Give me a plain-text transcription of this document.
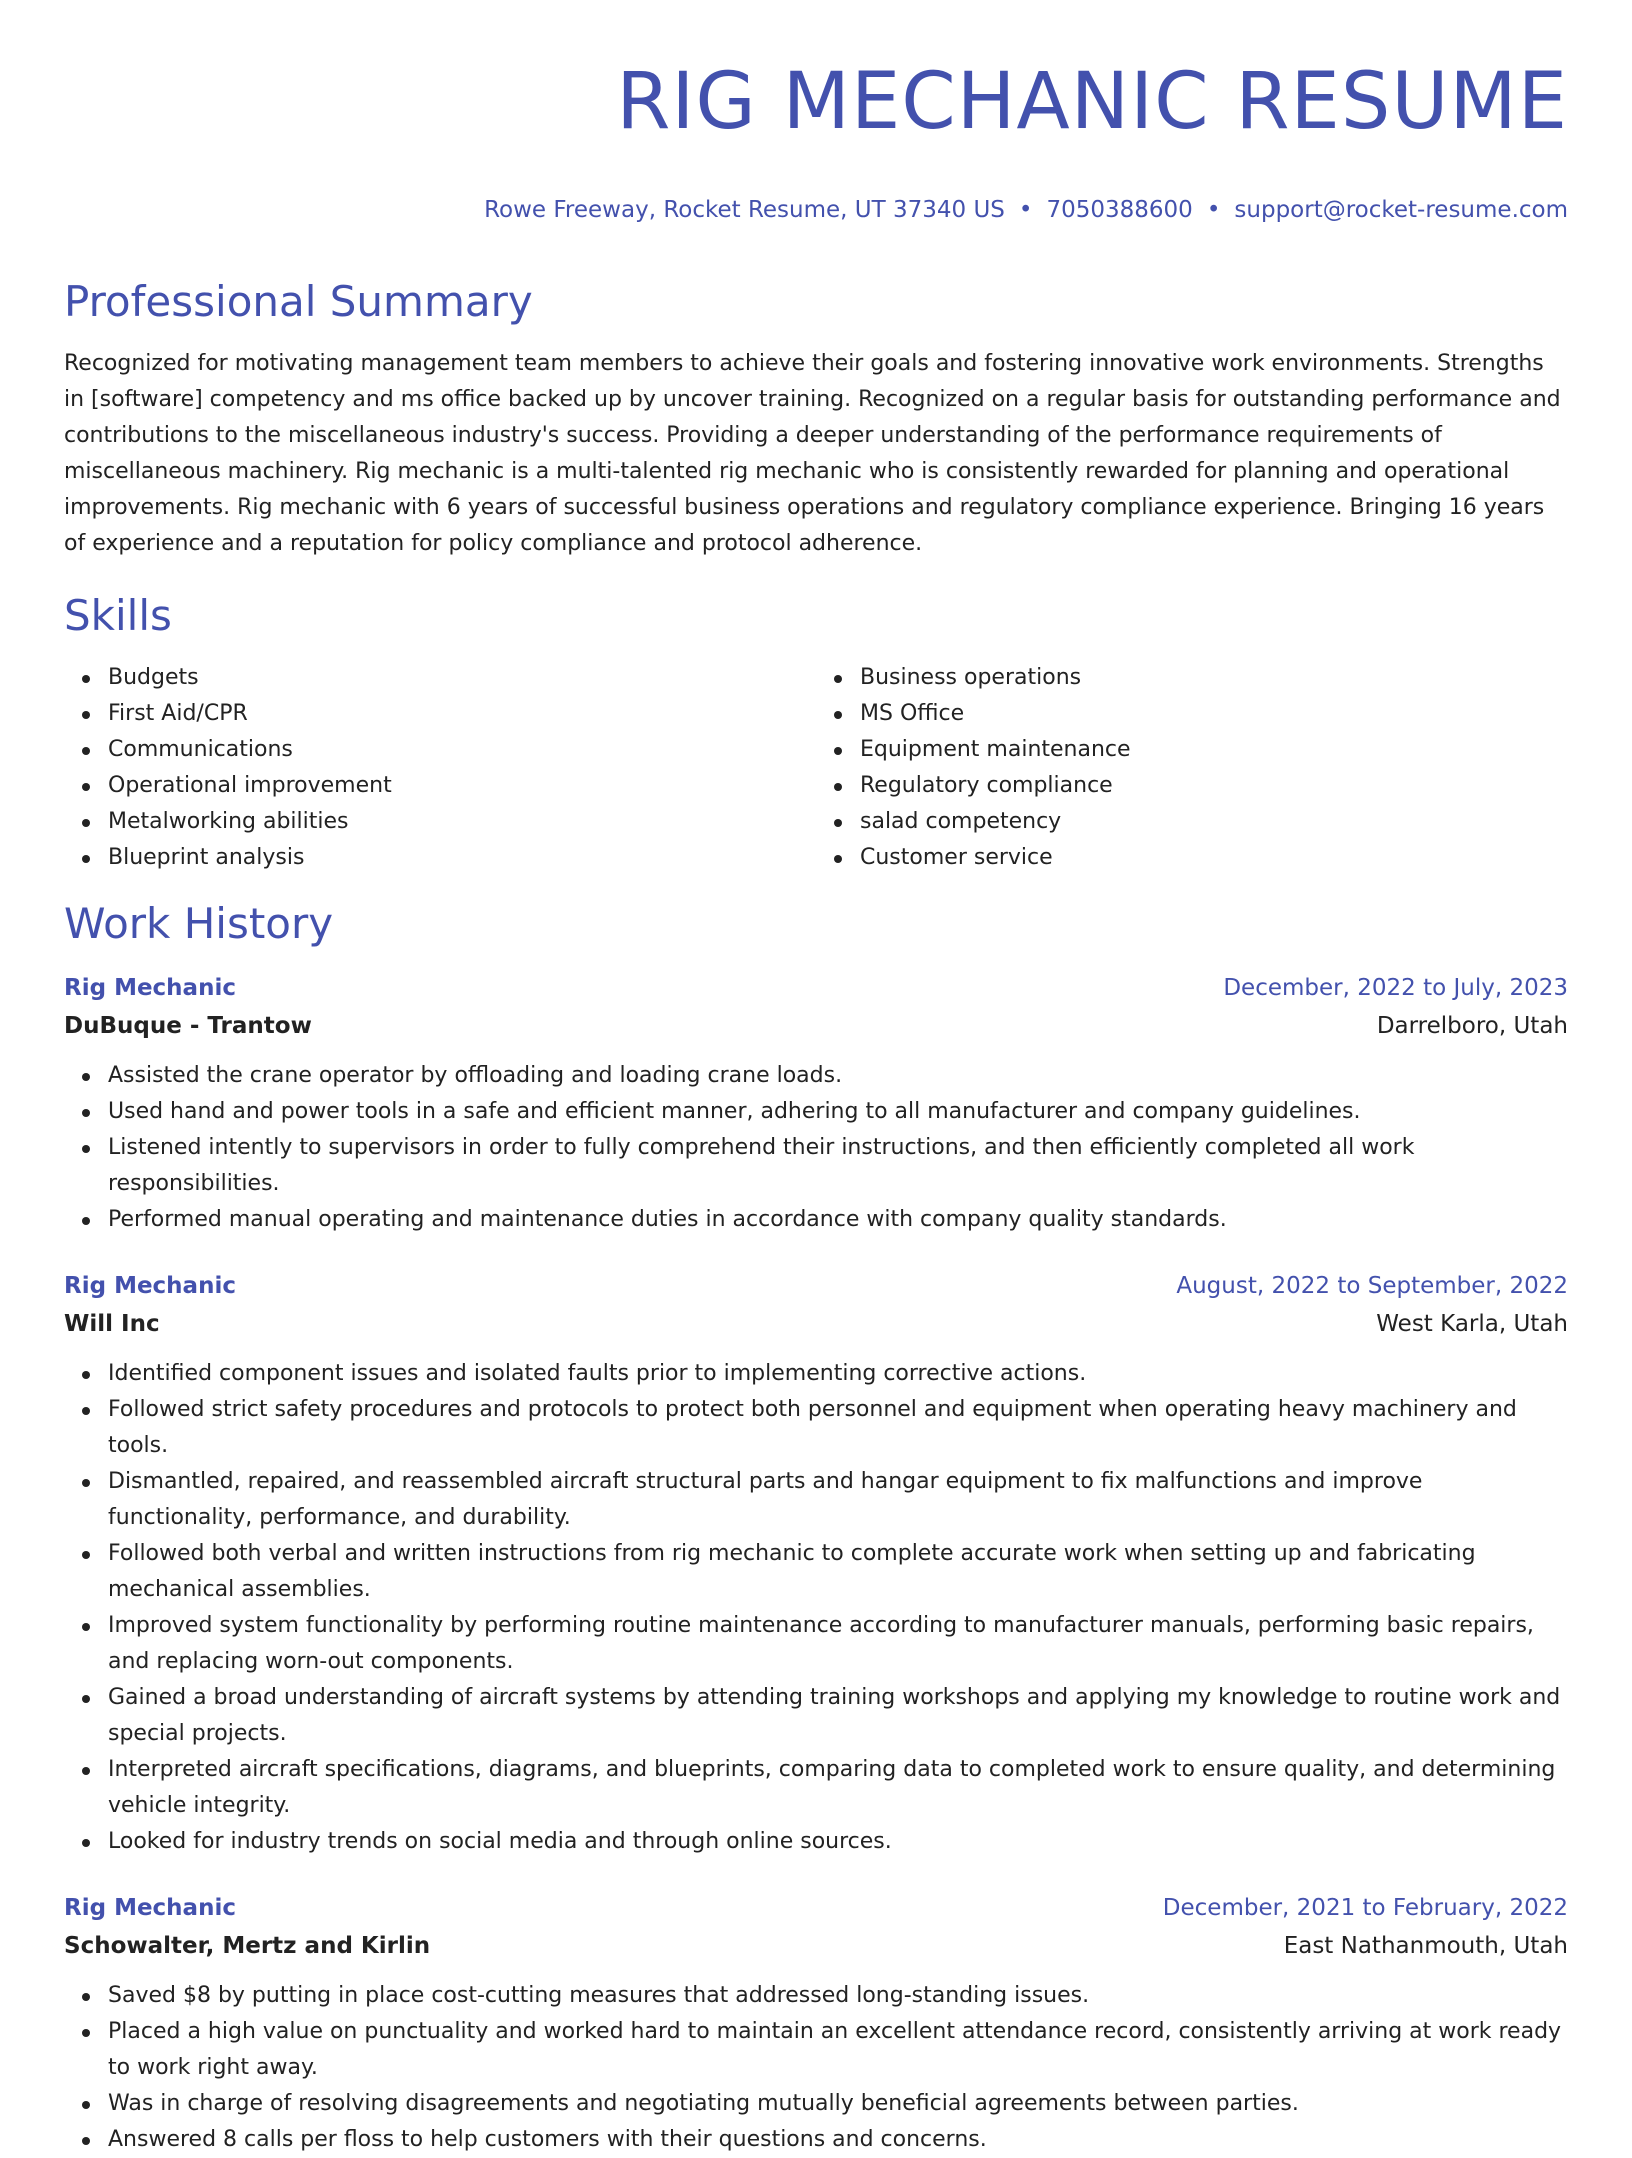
RIG MECHANIC RESUME
Rowe Freeway, Rocket Resume, UT 37340 US • 7050388600 • support@rocket-resume.com
Professional Summary
Recognized for motivating management team members to achieve their goals and fostering innovative work environments. Strengths in [software] competency and ms office backed up by uncover training. Recognized on a regular basis for outstanding performance and contributions to the miscellaneous industry's success. Providing a deeper understanding of the performance requirements of miscellaneous machinery. Rig mechanic is a multi-talented rig mechanic who is consistently rewarded for planning and operational improvements. Rig mechanic with 6 years of successful business operations and regulatory compliance experience. Bringing 16 years of experience and a reputation for policy compliance and protocol adherence.
Skills
Budgets
First Aid/CPR
Communications
Operational improvement
Metalworking abilities
Blueprint analysis
Business operations
MS Office
Equipment maintenance
Regulatory compliance
salad competency
Customer service
Work History
Rig Mechanic	December, 2022 to July, 2023
DuBuque - Trantow	Darrelboro, Utah
Assisted the crane operator by offloading and loading crane loads.
Used hand and power tools in a safe and efficient manner, adhering to all manufacturer and company guidelines.
Listened intently to supervisors in order to fully comprehend their instructions, and then efficiently completed all work responsibilities.
Performed manual operating and maintenance duties in accordance with company quality standards.
Rig Mechanic	August, 2022 to September, 2022
Will Inc	West Karla, Utah
Identified component issues and isolated faults prior to implementing corrective actions.
Followed strict safety procedures and protocols to protect both personnel and equipment when operating heavy machinery and tools.
Dismantled, repaired, and reassembled aircraft structural parts and hangar equipment to fix malfunctions and improve functionality, performance, and durability.
Followed both verbal and written instructions from rig mechanic to complete accurate work when setting up and fabricating mechanical assemblies.
Improved system functionality by performing routine maintenance according to manufacturer manuals, performing basic repairs, and replacing worn-out components.
Gained a broad understanding of aircraft systems by attending training workshops and applying my knowledge to routine work and special projects.
Interpreted aircraft specifications, diagrams, and blueprints, comparing data to completed work to ensure quality, and determining vehicle integrity.
Looked for industry trends on social media and through online sources.
Rig Mechanic	December, 2021 to February, 2022
Schowalter, Mertz and Kirlin	East Nathanmouth, Utah
Saved $8 by putting in place cost-cutting measures that addressed long-standing issues.
Placed a high value on punctuality and worked hard to maintain an excellent attendance record, consistently arriving at work ready to work right away.
Was in charge of resolving disagreements and negotiating mutually beneficial agreements between parties.
Answered 8 calls per floss to help customers with their questions and concerns.
